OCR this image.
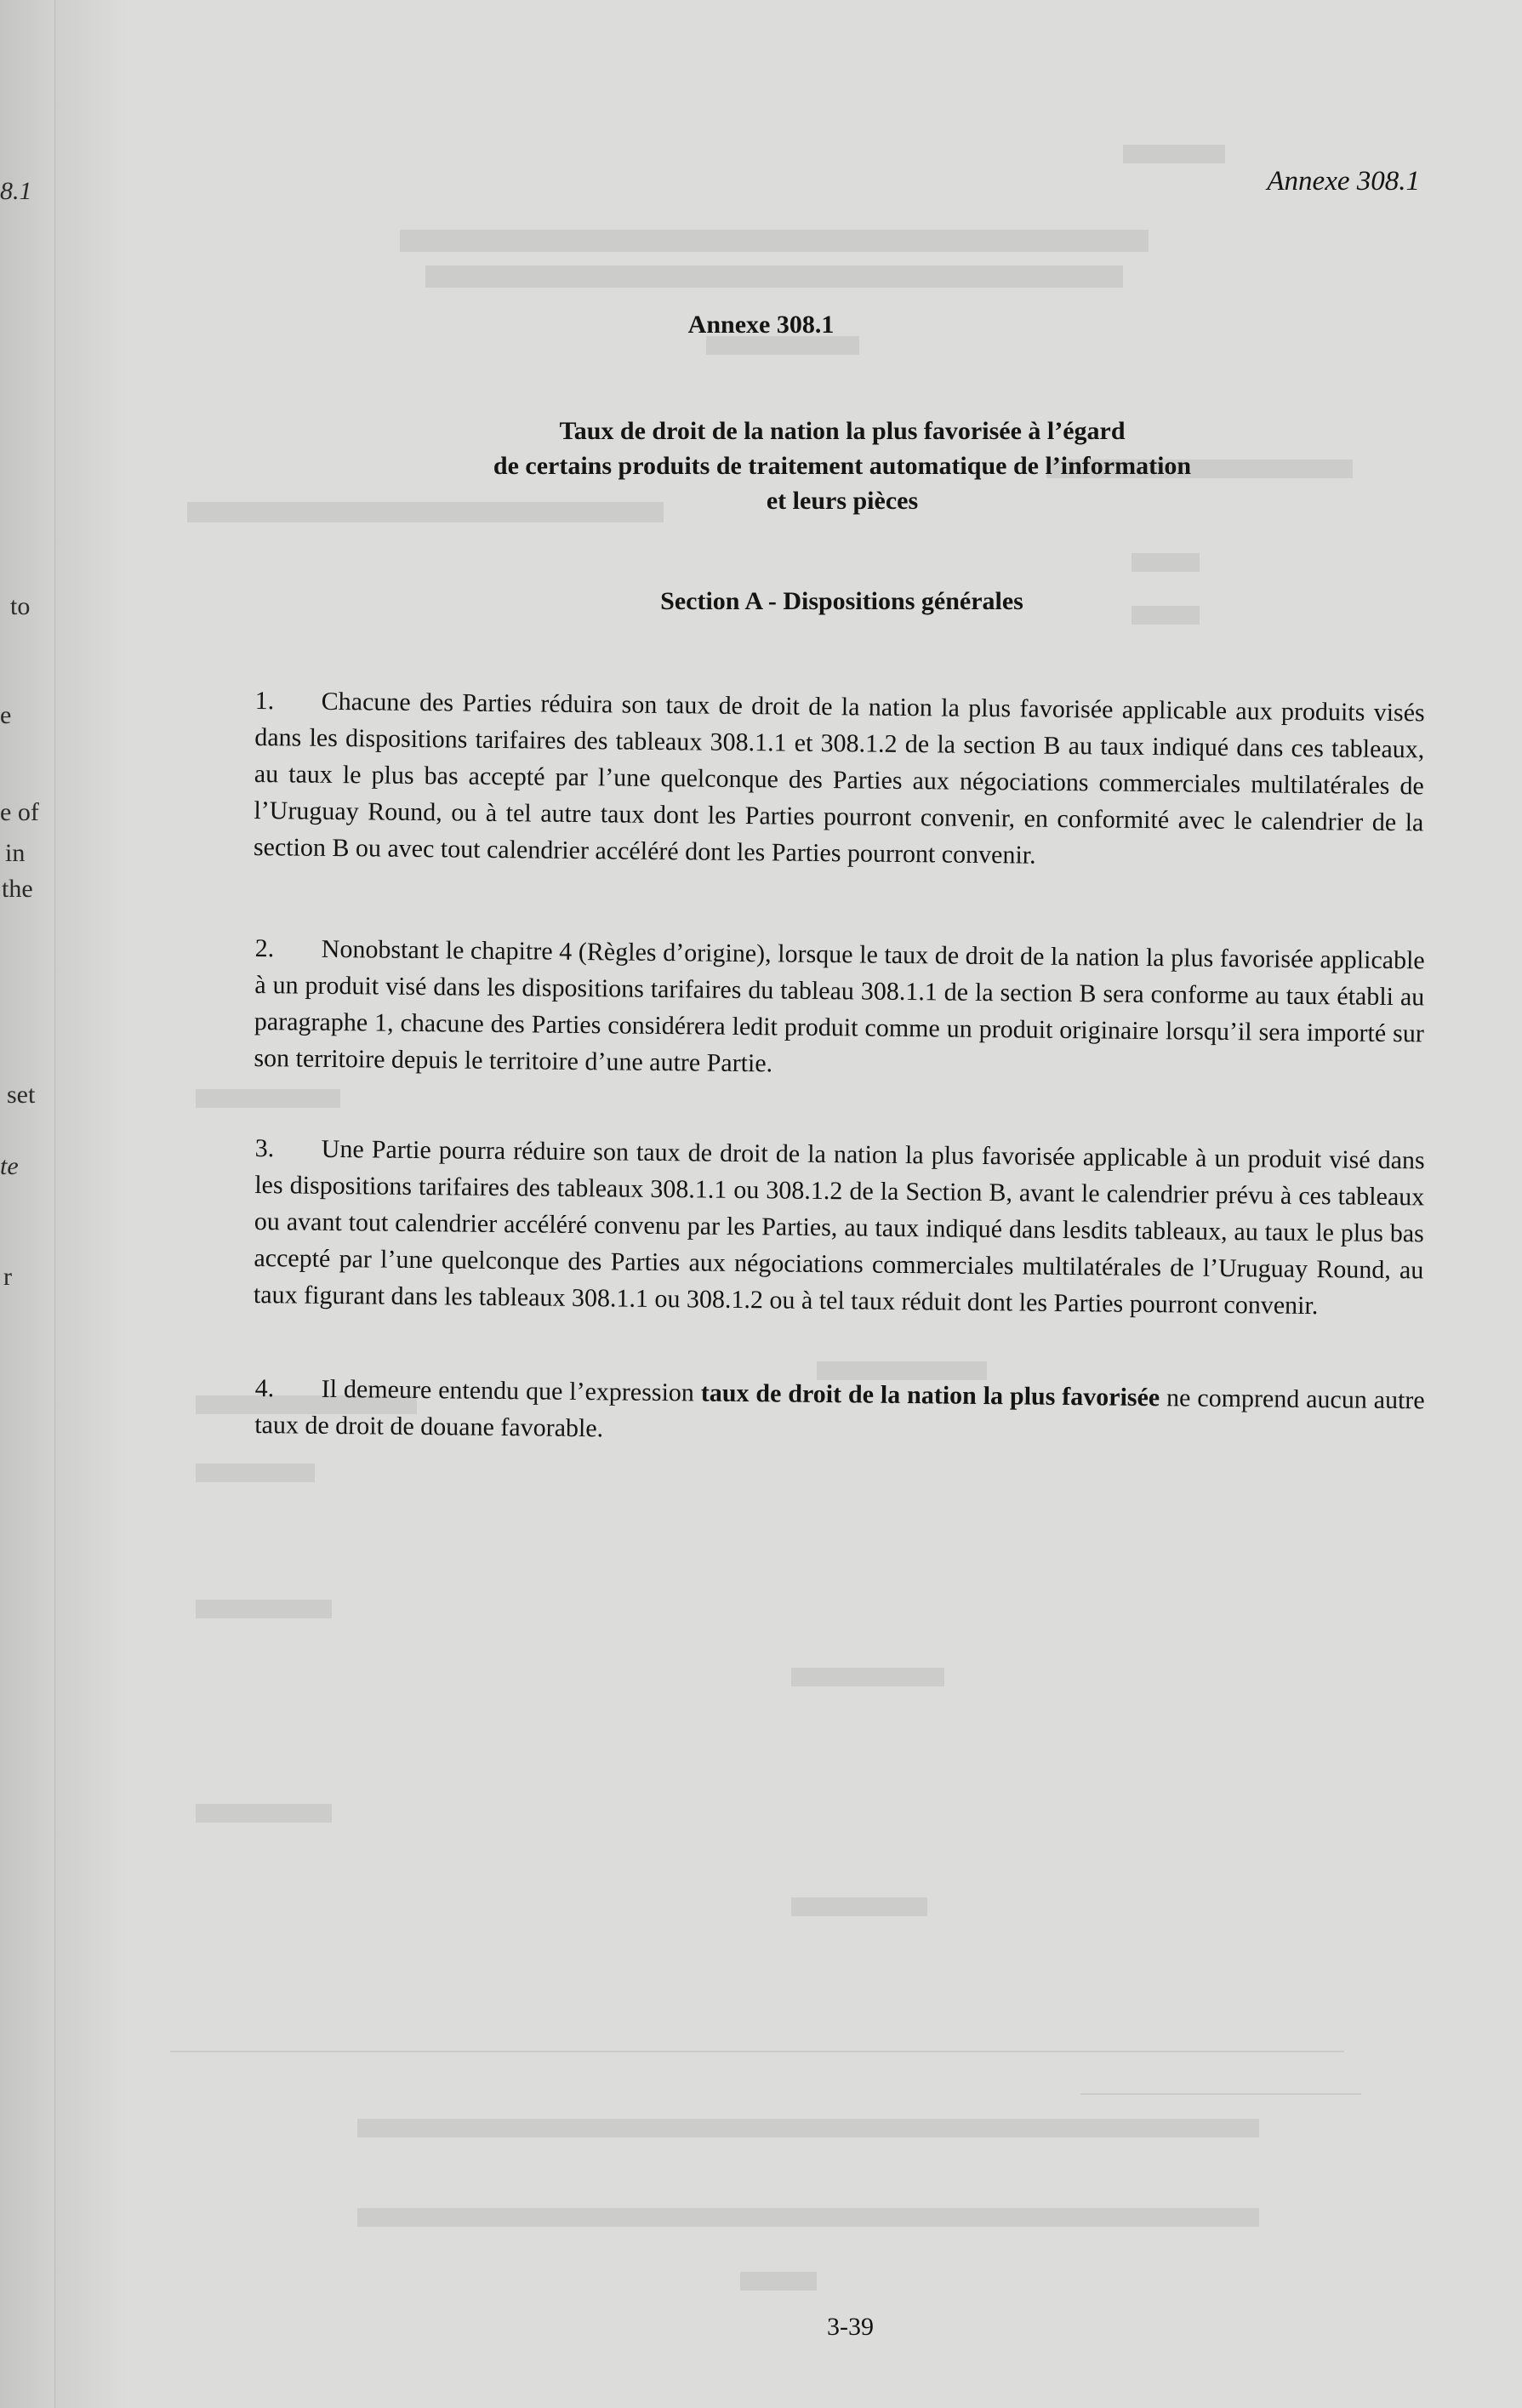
8.1
to
e
e of
in
the
set
te
r
Annexe 308.1
Annexe 308.1
Taux de droit de la nation la plus favorisée à l’égard
de certains produits de traitement automatique de l’information
et leurs pièces
Section A - Dispositions générales
1. Chacune des Parties réduira son taux de droit de la nation la plus favorisée applicable aux produits visés dans les dispositions tarifaires des tableaux 308.1.1 et 308.1.2 de la section B au taux indiqué dans ces tableaux, au taux le plus bas accepté par l’une quelconque des Parties aux négociations commerciales multilatérales de l’Uruguay Round, ou à tel autre taux dont les Parties pourront convenir, en conformité avec le calendrier de la section B ou avec tout calendrier accéléré dont les Parties pourront convenir.
2. Nonobstant le chapitre 4 (Règles d’origine), lorsque le taux de droit de la nation la plus favorisée applicable à un produit visé dans les dispositions tarifaires du tableau 308.1.1 de la section B sera conforme au taux établi au paragraphe 1, chacune des Parties considérera ledit produit comme un produit originaire lorsqu’il sera importé sur son territoire depuis le territoire d’une autre Partie.
3. Une Partie pourra réduire son taux de droit de la nation la plus favorisée applicable à un produit visé dans les dispositions tarifaires des tableaux 308.1.1 ou 308.1.2 de la Section B, avant le calendrier prévu à ces tableaux ou avant tout calendrier accéléré convenu par les Parties, au taux indiqué dans lesdits tableaux, au taux le plus bas accepté par l’une quelconque des Parties aux négociations commerciales multilatérales de l’Uruguay Round, au taux figurant dans les tableaux 308.1.1 ou 308.1.2 ou à tel taux réduit dont les Parties pourront convenir.
4. Il demeure entendu que l’expression taux de droit de la nation la plus favorisée ne comprend aucun autre taux de droit de douane favorable.
3-39
